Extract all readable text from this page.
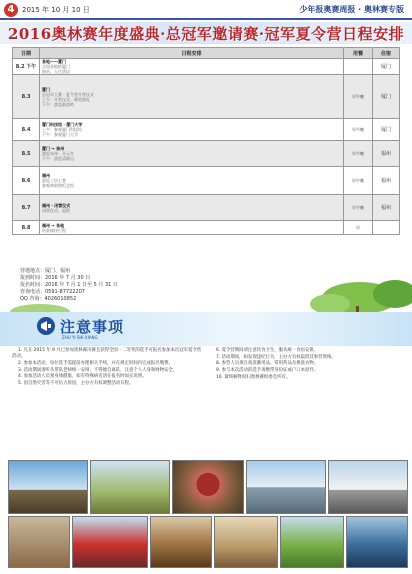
4	2015 年 10 月 10 日	少年报奥赛周报 · 奥林赛专版
2016奥林赛年度盛典·总冠军邀请赛·冠军夏令营日程安排
日期	日程安排	用餐	住宿
8.2 下午	各地——厦门
全国各地抵厦门
接站，入住酒店		厦门
8.3	厦门
总冠军大赛 · 夏令营开营仪式
上午：开营仪式、颁奖典礼
下午：游览鼓浪屿	早午晚	厦门
8.4	厦门科技馆 · 厦门大学
上午：参观厦门科技馆
下午：参观厦门大学	早午晚	厦门
8.5	厦门 → 泉州
游览泉州 · 开元寺
下午：游览清源山	早午晚	福州
8.6	福州
游览三坊七巷
参观林则徐纪念馆	早午晚	福州
8.7	福州 · 闭营仪式
闭营仪式、返程	早午晚	福州
8.8	福州 → 各地
结束愉快行程	早	
营地地点：厦门、福州
报到时间：2016 年 7 月 30 日
报名时间：2016 年 7 月 1 日至 5 月 31 日
咨询电话：0591-87722207
QQ 咨询：4026010852
注意事项
ZHU YI SHI XIANG

1. 凡在 2015 年 9 月已参加奥林赛决赛且获得全国一二等奖的选手可报名参加本次冠军夏令营活动。

2. 参加本活动，每位选手需提前办理相关手续，并在规定时间内完成报名缴费。

3. 活动期间请听从带队老师统一安排，不得擅自离队，注意个人人身和财物安全。

4. 参加活动人员须身体健康，如有特殊病史请在报名时如实说明。

5. 因自然灾害等不可抗力原因，主办方有权调整活动日程。

6. 夏令营期间请注意饮食卫生，服从统一食宿安排。

7. 活动期间，如发现违纪行为，主办方有权取消其参营资格。

8. 参营人员须自备洗漱用品、常用药品及换洗衣物。

9. 参与本次活动的选手请携带身份证或户口本原件。

10. 最终解释权归奥林赛组委会所有。
